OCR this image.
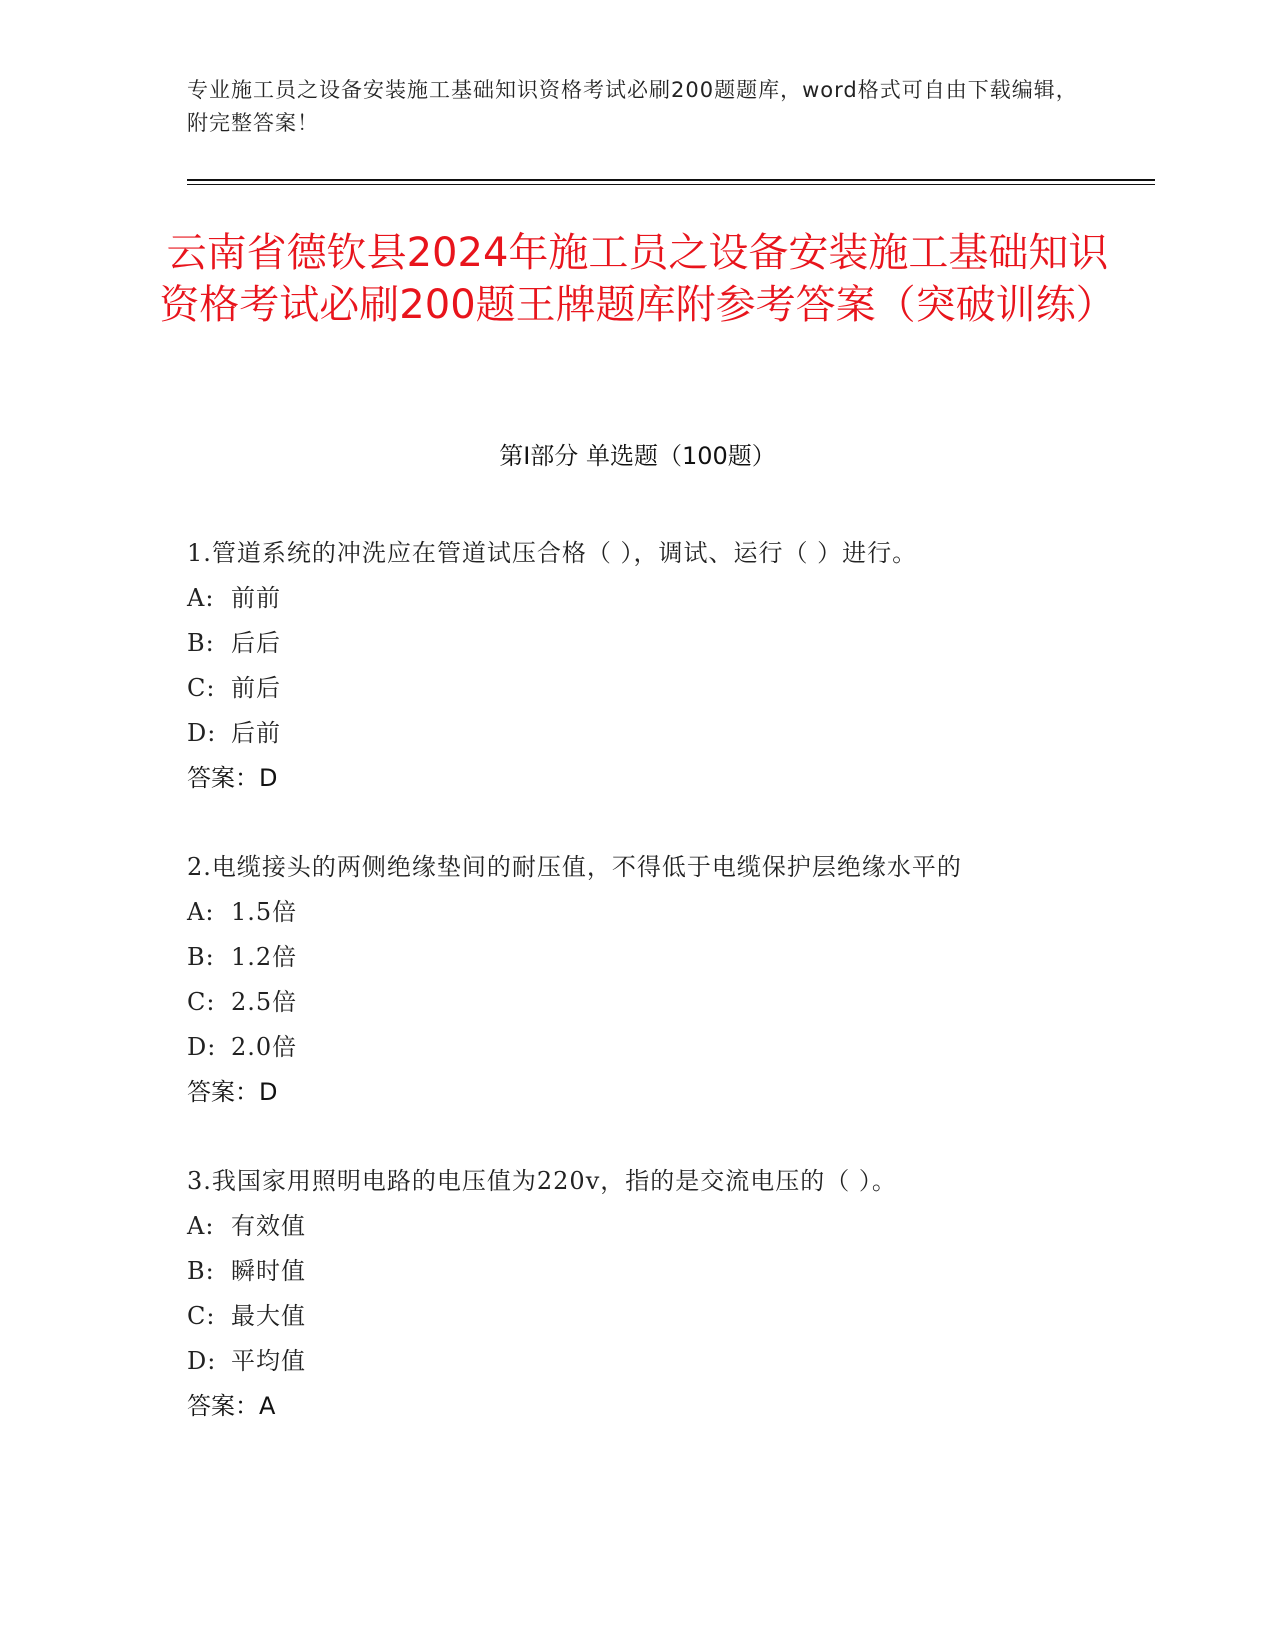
专业施工员之设备安装施工基础知识资格考试必刷200题题库，word格式可自由下载编辑，附完整答案！
云南省德钦县2024年施工员之设备安装施工基础知识资格考试必刷200题王牌题库附参考答案（突破训练）
第Ⅰ部分 单选题（100题）
1.管道系统的冲洗应在管道试压合格（ ），调试、运行（ ）进行。
A: 前前
B: 后后
C: 前后
D: 后前
答案：D
2.电缆接头的两侧绝缘垫间的耐压值，不得低于电缆保护层绝缘水平的
A: 1.5倍
B: 1.2倍
C: 2.5倍
D: 2.0倍
答案：D
3.我国家用照明电路的电压值为220v，指的是交流电压的（ ）。
A: 有效值
B: 瞬时值
C: 最大值
D: 平均值
答案：A
